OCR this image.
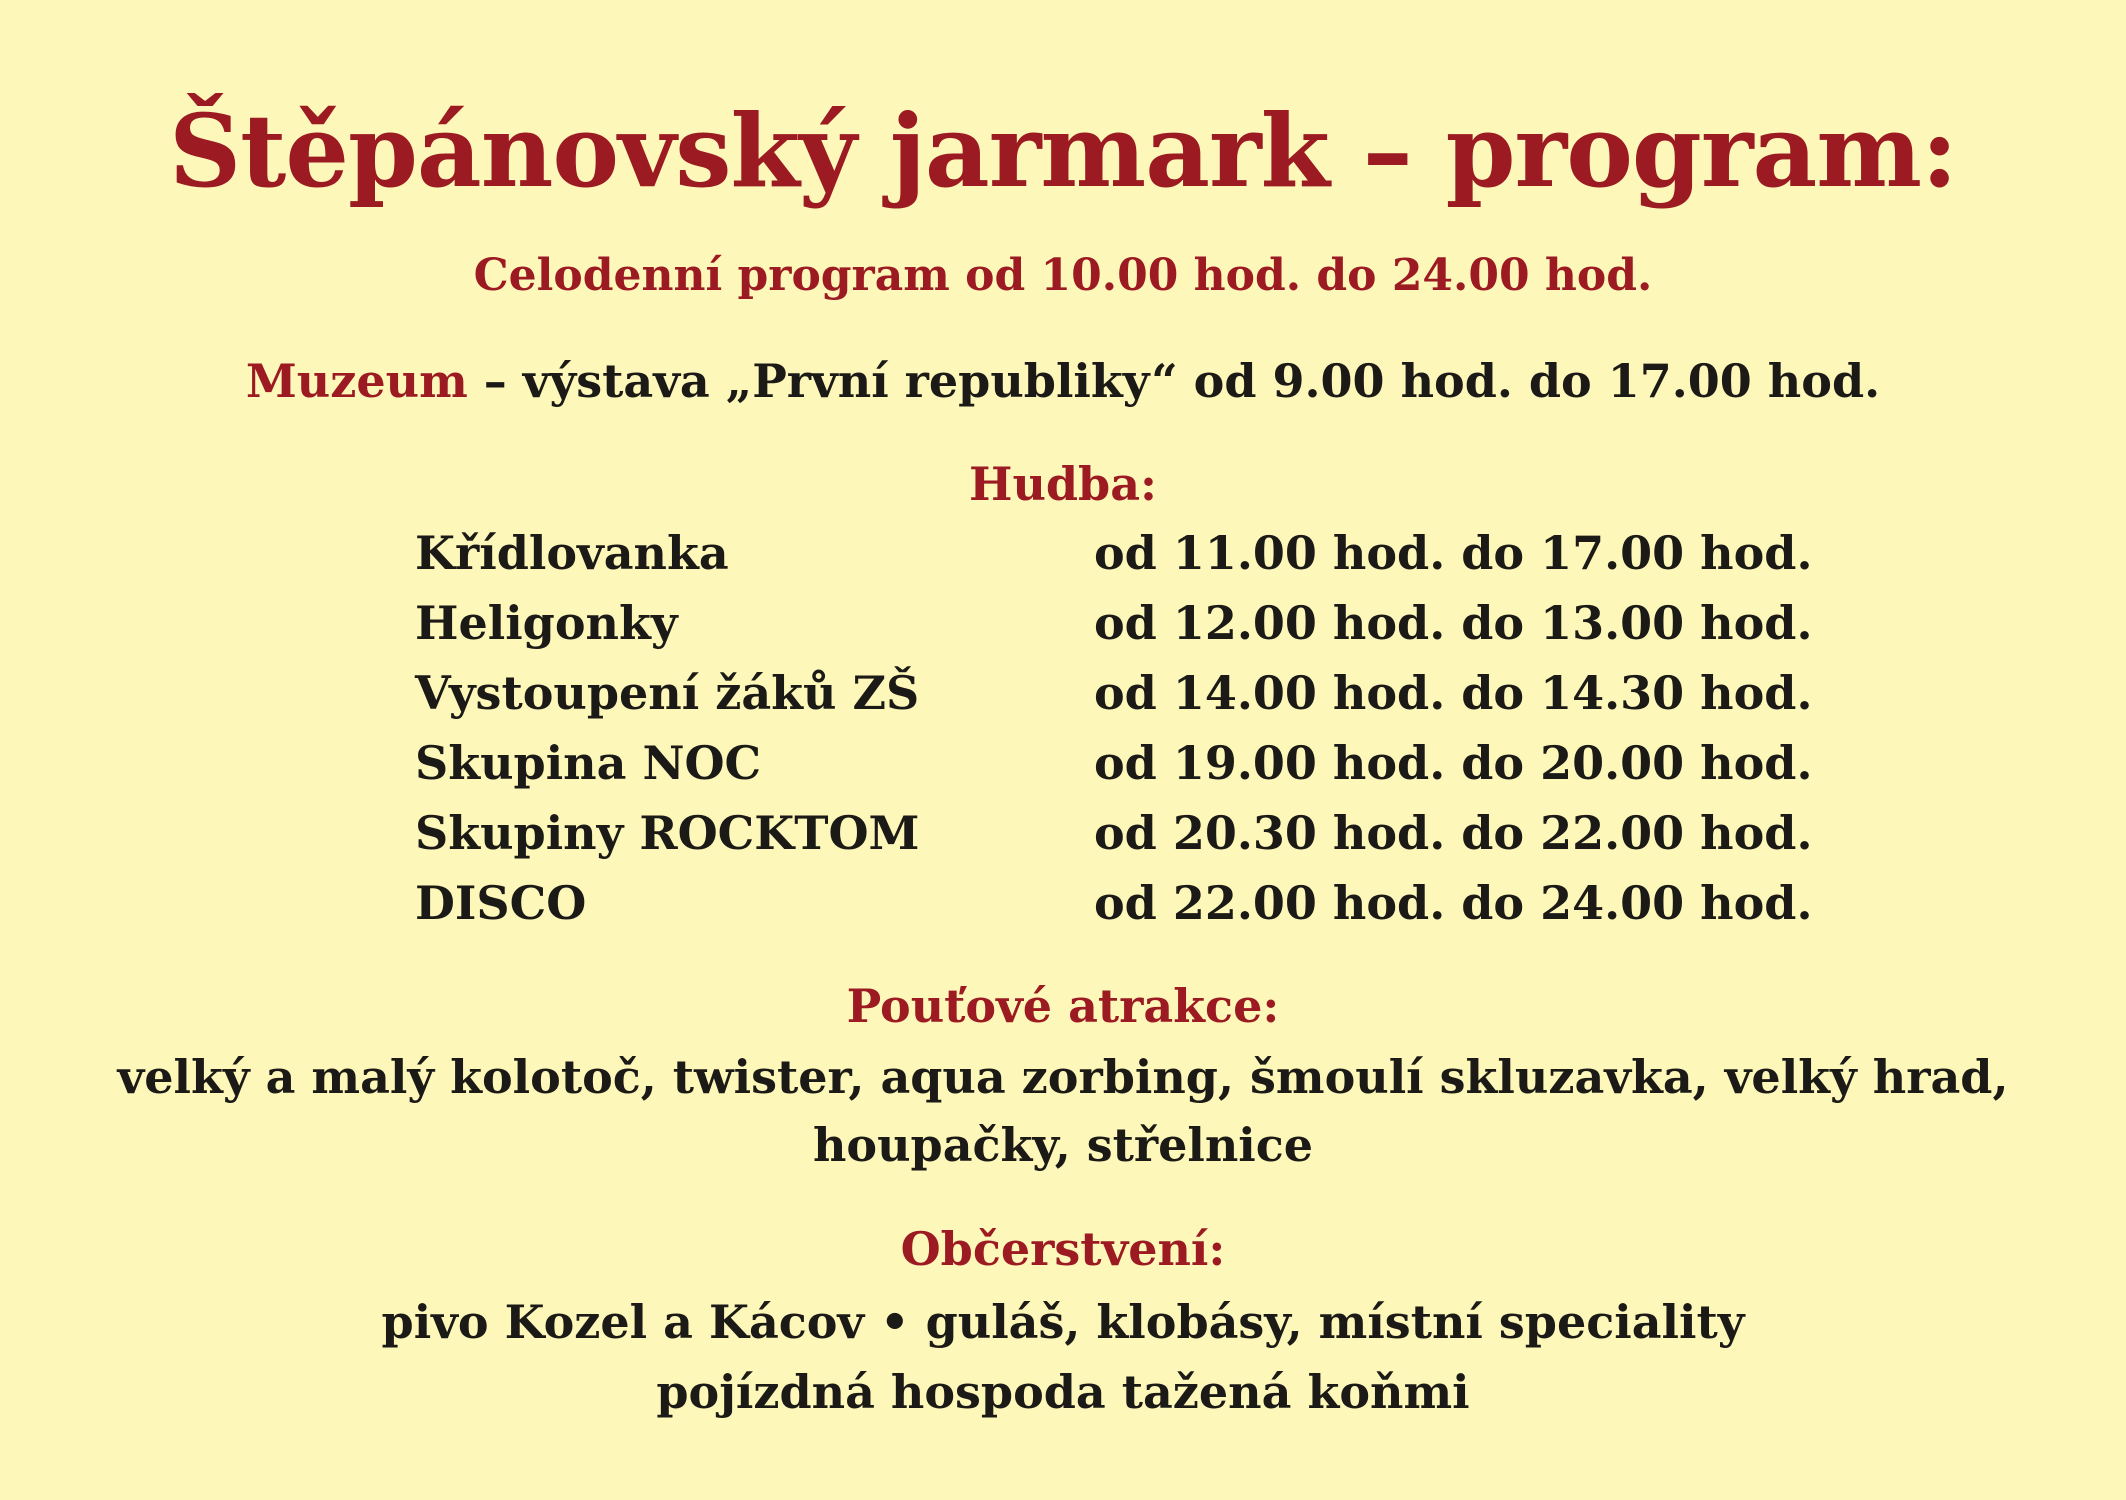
Štěpánovský jarmark – program:
Celodenní program od 10.00 hod. do 24.00 hod.
Muzeum – výstava „První republiky“ od 9.00 hod. do 17.00 hod.
Hudba:
Křídlovanka	od 11.00 hod. do 17.00 hod.
Heligonky	od 12.00 hod. do 13.00 hod.
Vystoupení žáků ZŠ	od 14.00 hod. do 14.30 hod.
Skupina NOC	od 19.00 hod. do 20.00 hod.
Skupiny ROCKTOM	od 20.30 hod. do 22.00 hod.
DISCO	od 22.00 hod. do 24.00 hod.
Pouťové atrakce:
velký a malý kolotoč, twister, aqua zorbing, šmoulí skluzavka, velký hrad,
houpačky, střelnice
Občerstvení:
pivo Kozel a Kácov • guláš, klobásy, místní speciality
pojízdná hospoda tažená koňmi
